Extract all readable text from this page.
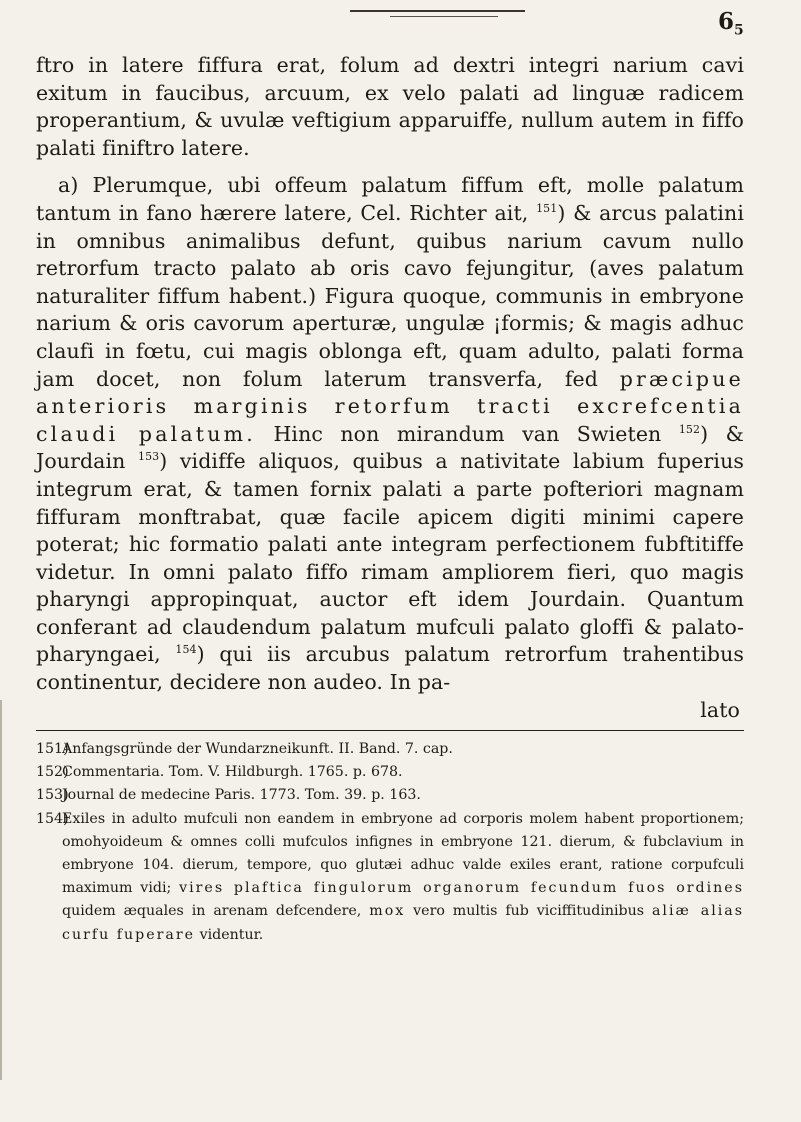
$6_5$

ftro in latere fiffura erat, folum ad dextri integri narium cavi exitum in faucibus, arcuum, ex velo palati ad linguæ radicem properantium, & uvulæ veftigium apparuiffe, nullum autem in fiffo palati finiftro latere.

a) Plerumque, ubi offeum palatum fiffum eft, molle palatum tantum in fano hærere latere, Cel. Richter ait, $^{151}$) & arcus palatini in omnibus animalibus defunt, quibus narium cavum nullo retrorfum tracto palato ab oris cavo fejungitur, (aves palatum naturaliter fiffum habent.) Figura quoque, communis in embryone narium & oris cavorum aperturæ, ungulæ ¡formis; & magis adhuc claufi in fœtu, cui magis oblonga eft, quam adulto, palati forma jam docet, non folum laterum transverfa, fed præcipue anterioris marginis retorfum tracti excrefcentia claudi palatum. Hinc non mirandum van Swieten $^{152}$) & Jourdain $^{153}$) vidiffe aliquos, quibus a nativitate labium fuperius integrum erat, & tamen fornix palati a parte pofteriori magnam fiffuram monftrabat, quæ facile apicem digiti minimi capere poterat; hic formatio palati ante integram perfectionem fubftitiffe videtur. In omni palato fiffo rimam ampliorem fieri, quo magis pharyngi appropinquat, auctor eft idem Jourdain. Quantum conferant ad claudendum palatum mufculi palato gloffi & palato-pharyngaei, $^{154}$) qui iis arcubus palatum retrorfum trahentibus continentur, decidere non audeo. In pa-
lato

151)Anfangsgründe der Wundarzneikunft. II. Band. 7. cap.

152)Commentaria. Tom. V. Hildburgh. 1765. p. 678.

153)Journal de medecine Paris. 1773. Tom. 39. p. 163.

154)Exiles in adulto mufculi non eandem in embryone ad corporis molem habent proportionem; omohyoideum & omnes colli mufculos infignes in embryone 121. dierum, & fubclavium in embryone 104. dierum, tempore, quo glutæi adhuc valde exiles erant, ratione corpufculi maximum vidi; vires plaftica fingulorum organorum fecundum fuos ordines quidem æquales in arenam defcendere, mox vero multis fub viciffitudinibus aliæ alias curfu fuperare videntur.
